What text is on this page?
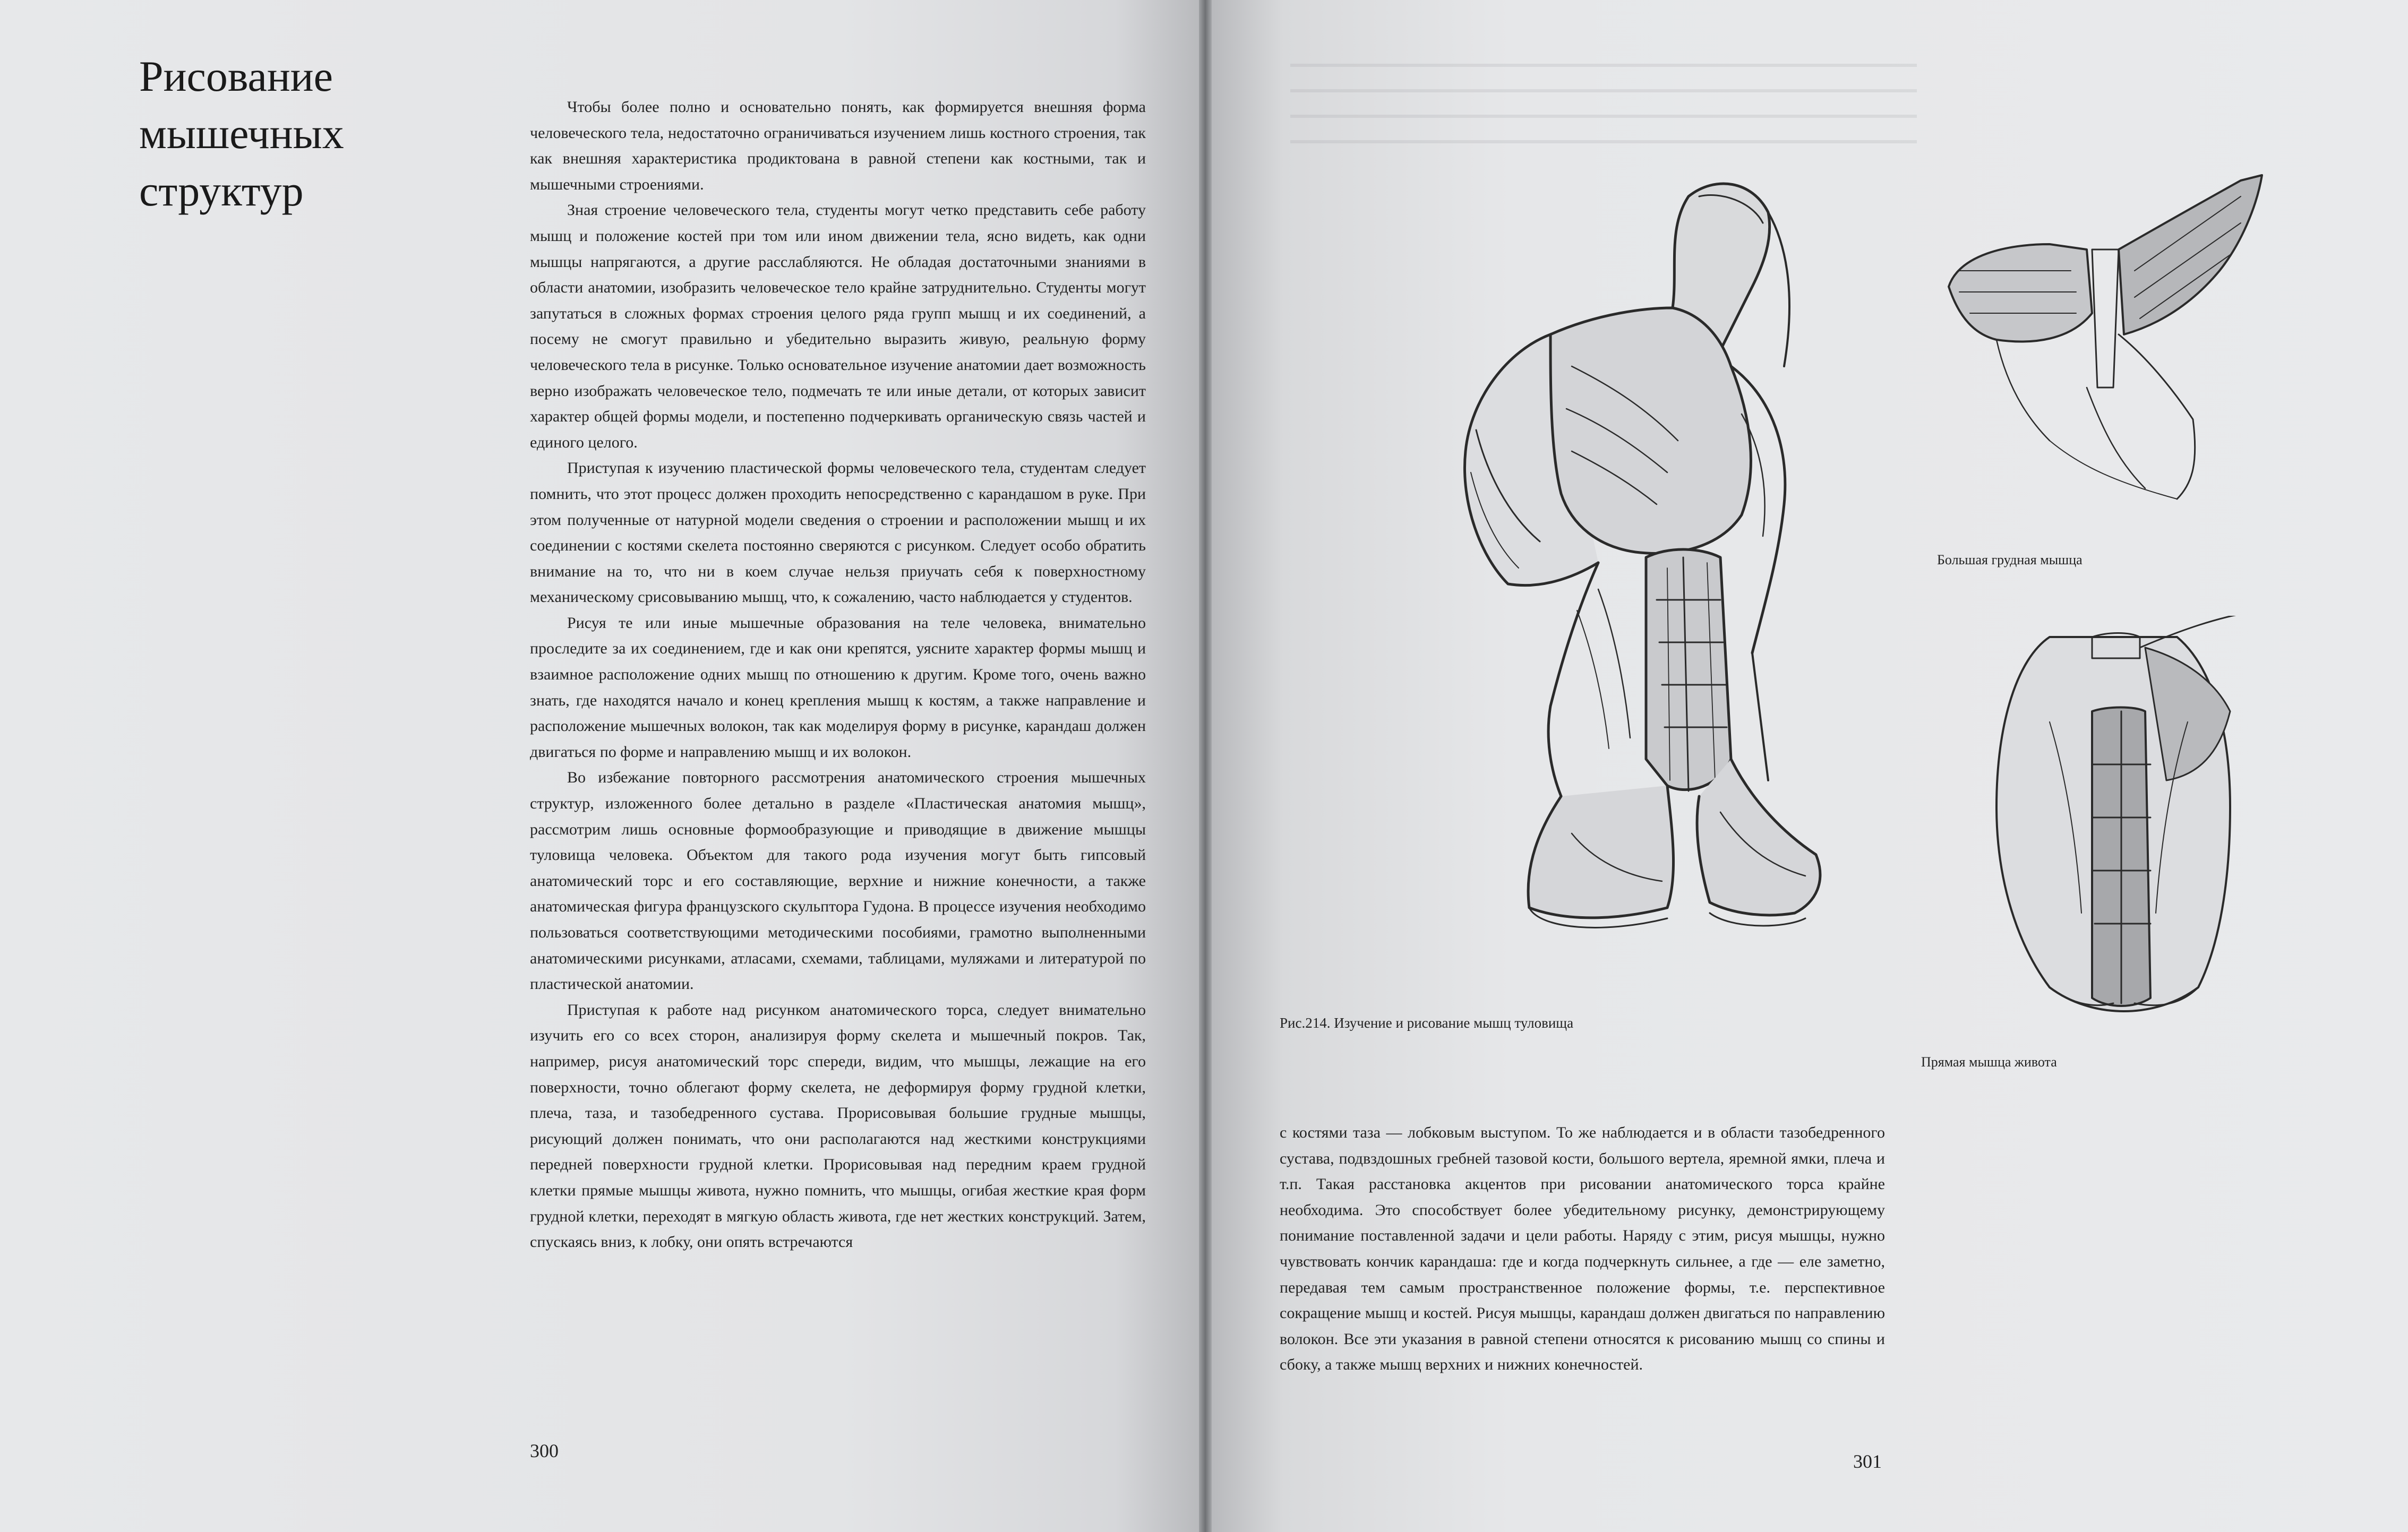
Рисование
мышечных
структур

Чтобы более полно и основательно понять, как формируется внешняя форма человеческого тела, недостаточно ограничиваться изучением лишь костного строения, так как внешняя характеристика продиктована в равной степени как костными, так и мышечными строениями.

Зная строение человеческого тела, студенты могут четко представить себе работу мышц и положение костей при том или ином движении тела, ясно видеть, как одни мышцы напрягаются, а другие расслабляются. Не обладая достаточными знаниями в области анатомии, изобразить человеческое тело крайне затруднительно. Студенты могут запутаться в сложных формах строения целого ряда групп мышц и их соединений, а посему не смогут правильно и убедительно выразить живую, реальную форму человеческого тела в рисунке. Только основательное изучение анатомии дает возможность верно изображать человеческое тело, подмечать те или иные детали, от которых зависит характер общей формы модели, и постепенно подчеркивать органическую связь частей и единого целого.

Приступая к изучению пластической формы человеческого тела, студентам следует помнить, что этот процесс должен проходить непосредственно с карандашом в руке. При этом полученные от натурной модели сведения о строении и расположении мышц и их соединении с костями скелета постоянно сверяются с рисунком. Следует особо обратить внимание на то, что ни в коем случае нельзя приучать себя к поверхностному механическому срисовыванию мышц, что, к сожалению, часто наблюдается у студентов.

Рисуя те или иные мышечные образования на теле человека, внимательно проследите за их соединением, где и как они крепятся, уясните характер формы мышц и взаимное расположение одних мышц по отношению к другим. Кроме того, очень важно знать, где находятся начало и конец крепления мышц к костям, а также направление и расположение мышечных волокон, так как моделируя форму в рисунке, карандаш должен двигаться по форме и направлению мышц и их волокон.

Во избежание повторного рассмотрения анатомического строения мышечных структур, изложенного более детально в разделе «Пластическая анатомия мышц», рассмотрим лишь основные формообразующие и приводящие в движение мышцы туловища человека. Объектом для такого рода изучения могут быть гипсовый анатомический торс и его составляющие, верхние и нижние конечности, а также анатомическая фигура французского скульптора Гудона. В процессе изучения необходимо пользоваться соответствующими методическими пособиями, грамотно выполненными анатомическими рисунками, атласами, схемами, таблицами, муляжами и литературой по пластической анатомии.

Приступая к работе над рисунком анатомического торса, следует внимательно изучить его со всех сторон, анализируя форму скелета и мышечный покров. Так, например, рисуя анатомический торс спереди, видим, что мышцы, лежащие на его поверхности, точно облегают форму скелета, не деформируя форму грудной клетки, плеча, таза, и тазобедренного сустава. Прорисовывая большие грудные мышцы, рисующий должен понимать, что они располагаются над жесткими конструкциями передней поверхности грудной клетки. Прорисовывая над передним краем грудной клетки прямые мышцы живота, нужно помнить, что мышцы, огибая жесткие края форм грудной клетки, переходят в мягкую область живота, где нет жестких конструкций. Затем, спускаясь вниз, к лобку, они опять встречаются

300
Большая грудная мышца
Рис.214. Изучение и рисование мышц туловища
Прямая мышца живота

с костями таза — лобковым выступом. То же наблюдается и в области тазобедренного сустава, подвздошных гребней тазовой кости, большого вертела, яремной ямки, плеча и т.п. Такая расстановка акцентов при рисовании анатомического торса крайне необходима. Это способствует более убедительному рисунку, демонстрирующему понимание поставленной задачи и цели работы. Наряду с этим, рисуя мышцы, нужно чувствовать кончик карандаша: где и когда подчеркнуть сильнее, а где — еле заметно, передавая тем самым пространственное положение формы, т.е. перспективное сокращение мышц и костей. Рисуя мышцы, карандаш должен двигаться по направлению волокон. Все эти указания в равной степени относятся к рисованию мышц со спины и сбоку, а также мышц верхних и нижних конечностей.

301
